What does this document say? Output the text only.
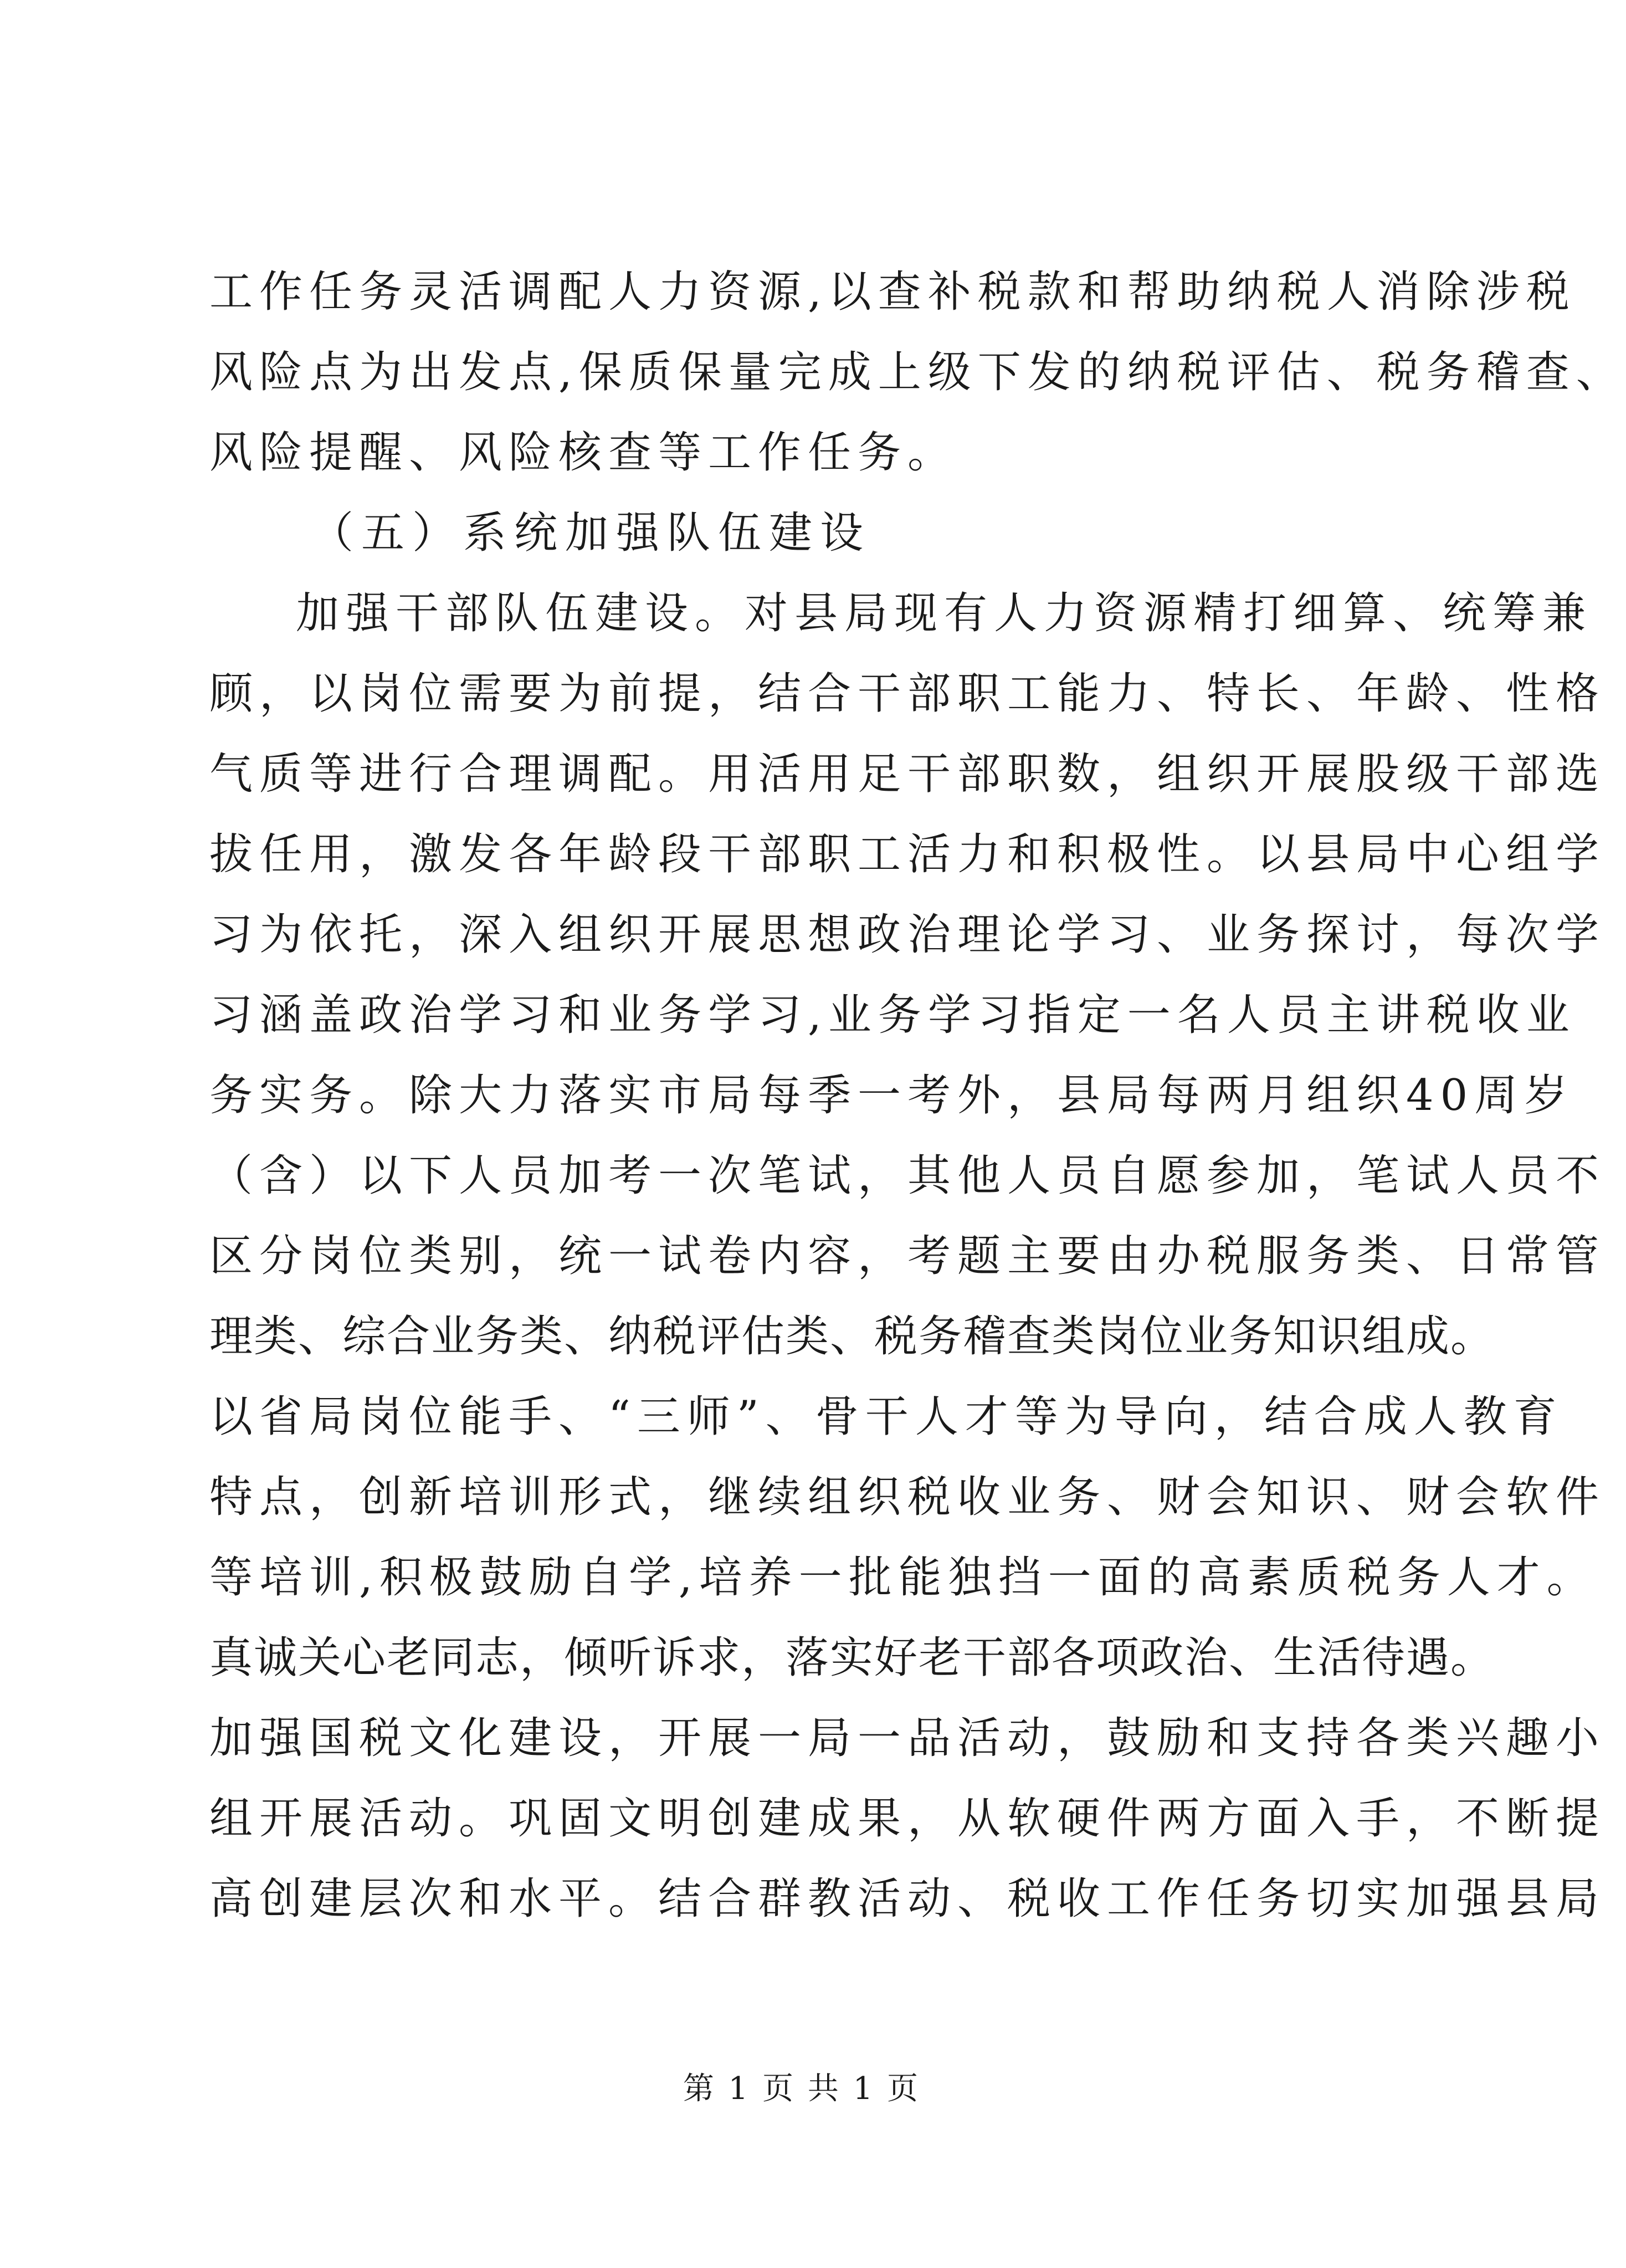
工作任务灵活调配人力资源,以查补税款和帮助纳税人消除涉税
风险点为出发点,保质保量完成上级下发的纳税评估、税务稽查、
风险提醒、风险核查等工作任务。
（五）系统加强队伍建设
加强干部队伍建设。对县局现有人力资源精打细算、统筹兼
顾，以岗位需要为前提，结合干部职工能力、特长、年龄、性格
气质等进行合理调配。用活用足干部职数，组织开展股级干部选
拔任用，激发各年龄段干部职工活力和积极性。以县局中心组学
习为依托，深入组织开展思想政治理论学习、业务探讨，每次学
习涵盖政治学习和业务学习,业务学习指定一名人员主讲税收业
务实务。除大力落实市局每季一考外，县局每两月组织40周岁
（含）以下人员加考一次笔试，其他人员自愿参加，笔试人员不
区分岗位类别，统一试卷内容，考题主要由办税服务类、日常管
理类、综合业务类、纳税评估类、税务稽查类岗位业务知识组成。
以省局岗位能手、“三师”、骨干人才等为导向，结合成人教育
特点，创新培训形式，继续组织税收业务、财会知识、财会软件
等培训,积极鼓励自学,培养一批能独挡一面的高素质税务人才。
真诚关心老同志，倾听诉求，落实好老干部各项政治、生活待遇。
加强国税文化建设，开展一局一品活动，鼓励和支持各类兴趣小
组开展活动。巩固文明创建成果，从软硬件两方面入手，不断提
高创建层次和水平。结合群教活动、税收工作任务切实加强县局
第 1 页 共 1 页
